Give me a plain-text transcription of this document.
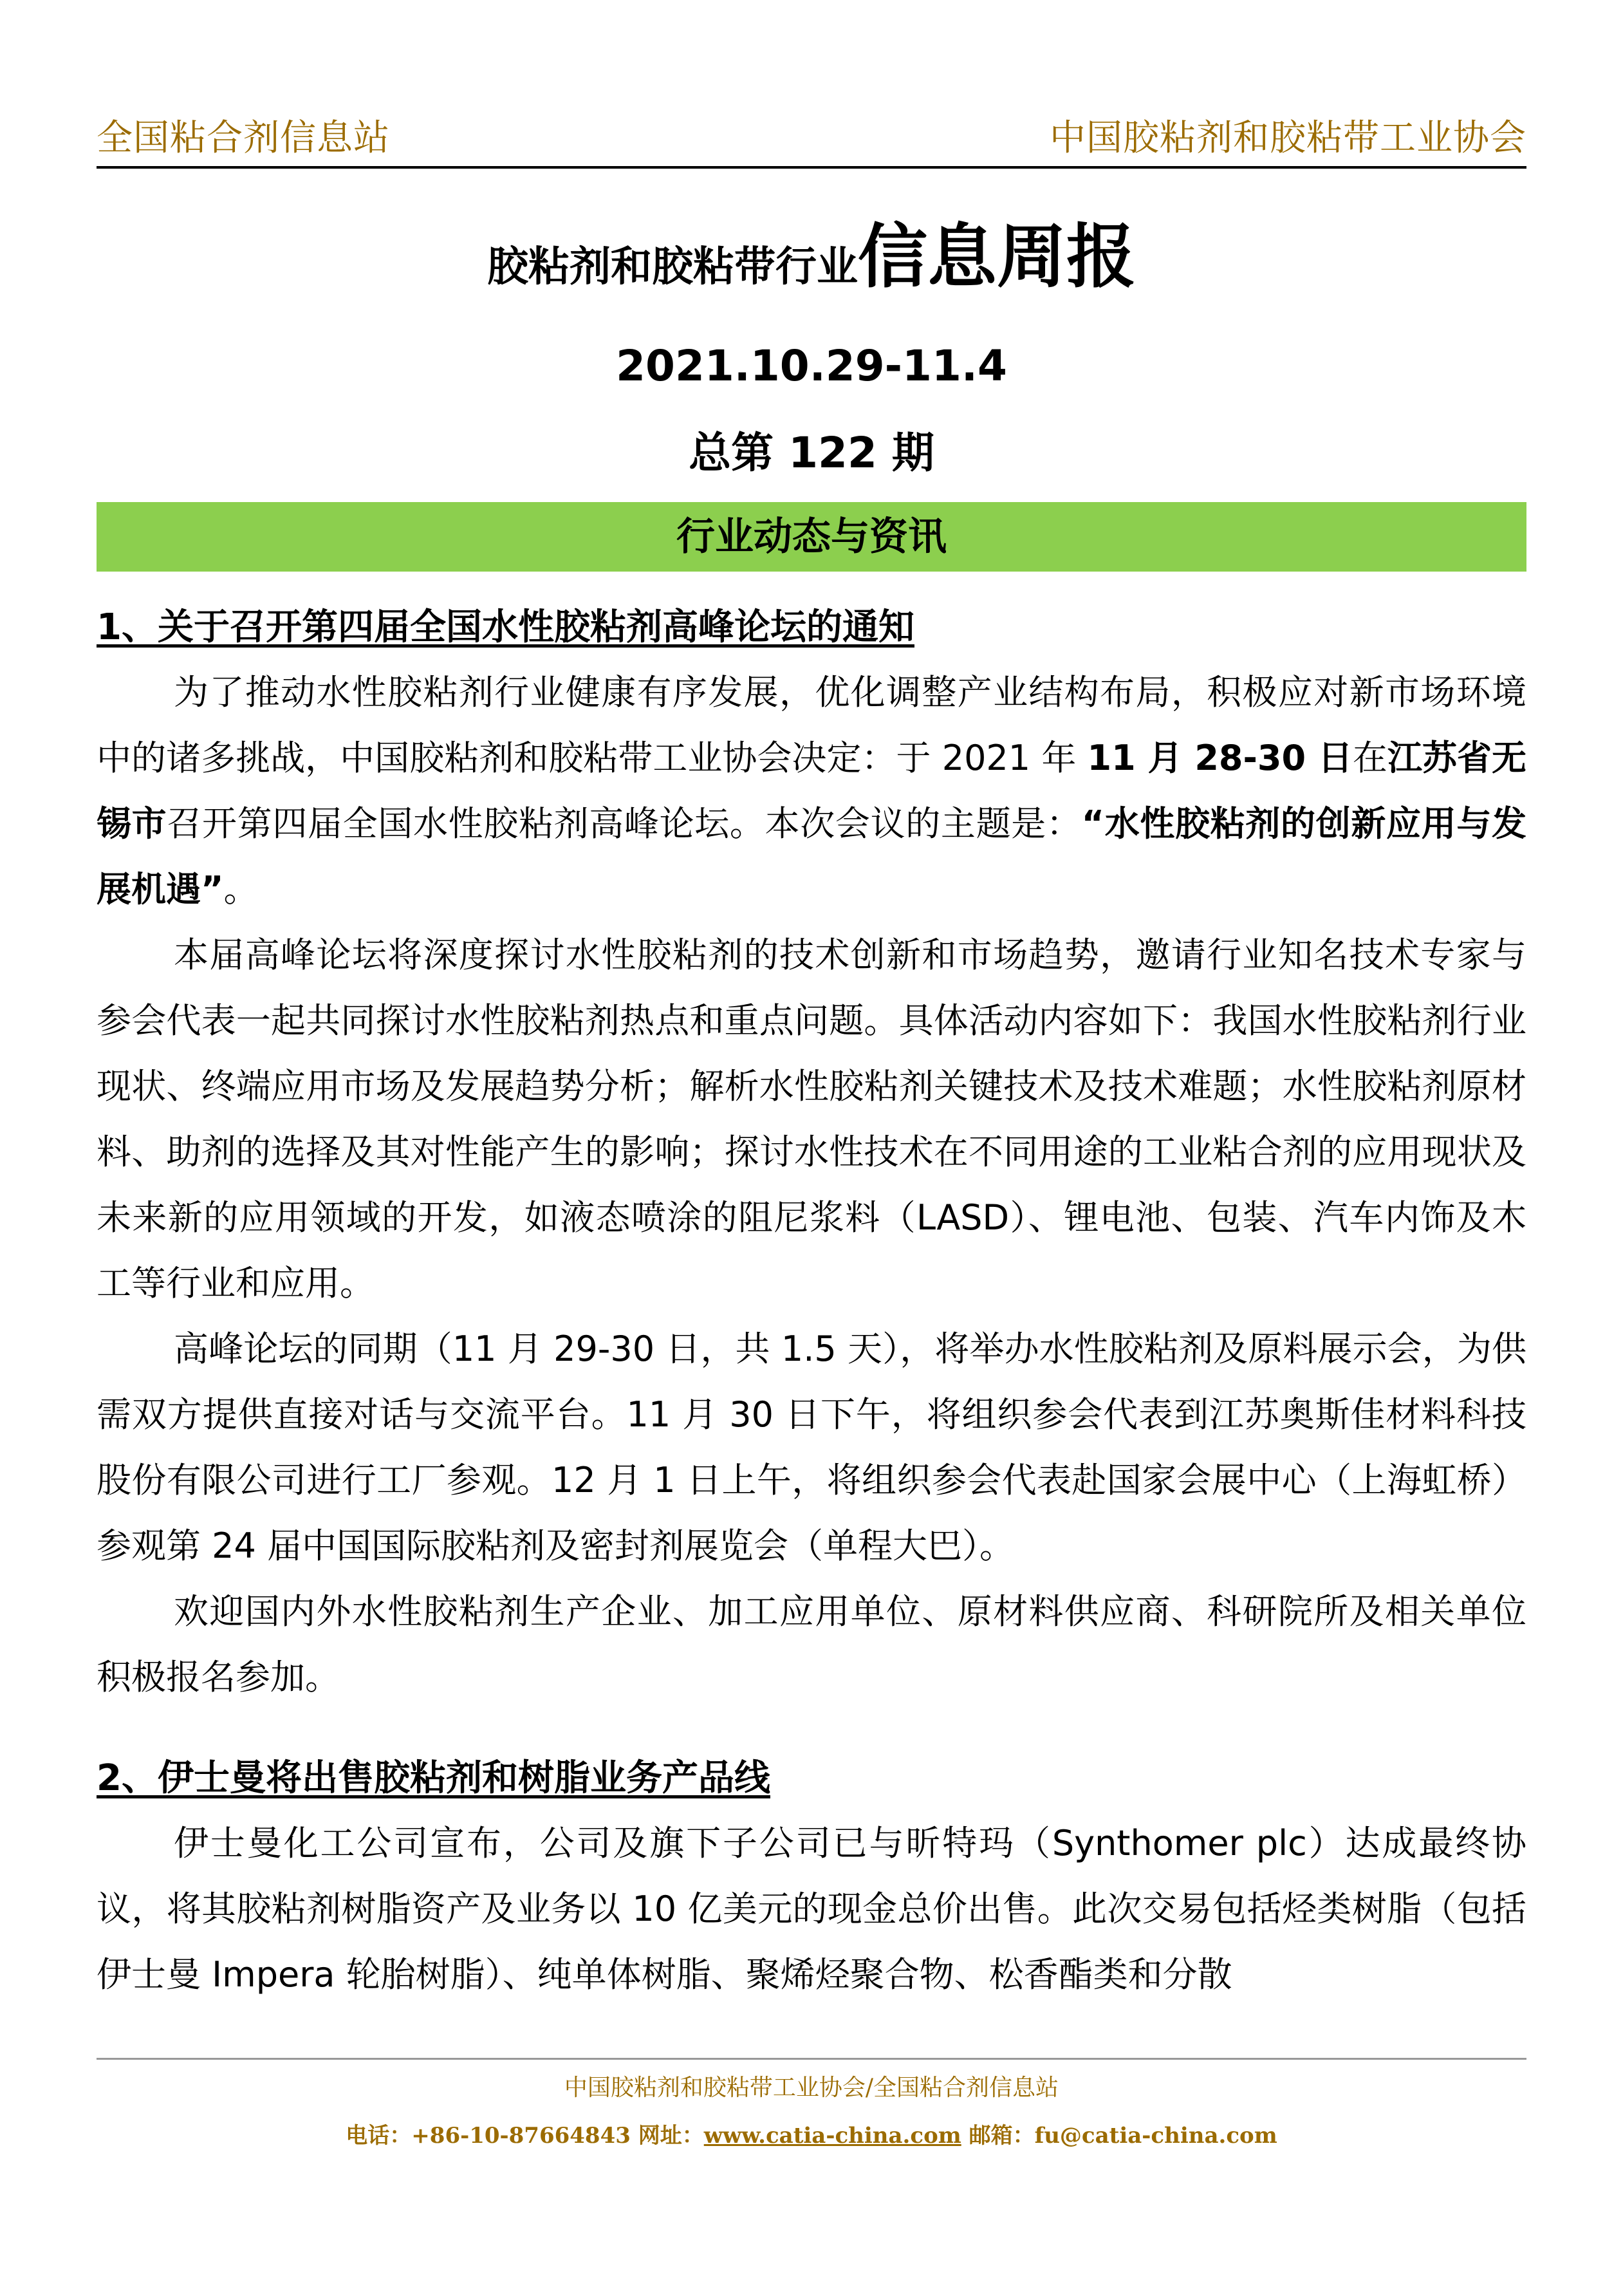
全国粘合剂信息站	中国胶粘剂和胶粘带工业协会
胶粘剂和胶粘带行业信息周报
2021.10.29-11.4
总第 122 期
行业动态与资讯

1、关于召开第四届全国水性胶粘剂高峰论坛的通知

为了推动水性胶粘剂行业健康有序发展，优化调整产业结构布局，积极应对新市场环境中的诸多挑战，中国胶粘剂和胶粘带工业协会决定：于 2021 年 11 月 28-30 日在江苏省无锡市召开第四届全国水性胶粘剂高峰论坛。本次会议的主题是：“水性胶粘剂的创新应用与发展机遇”。

本届高峰论坛将深度探讨水性胶粘剂的技术创新和市场趋势，邀请行业知名技术专家与参会代表一起共同探讨水性胶粘剂热点和重点问题。具体活动内容如下：我国水性胶粘剂行业现状、终端应用市场及发展趋势分析；解析水性胶粘剂关键技术及技术难题；水性胶粘剂原材料、助剂的选择及其对性能产生的影响；探讨水性技术在不同用途的工业粘合剂的应用现状及未来新的应用领域的开发，如液态喷涂的阻尼浆料（LASD）、锂电池、包装、汽车内饰及木工等行业和应用。

高峰论坛的同期（11 月 29-30 日，共 1.5 天），将举办水性胶粘剂及原料展示会，为供需双方提供直接对话与交流平台。11 月 30 日下午，将组织参会代表到江苏奥斯佳材料科技股份有限公司进行工厂参观。12 月 1 日上午，将组织参会代表赴国家会展中心（上海虹桥）参观第 24 届中国国际胶粘剂及密封剂展览会（单程大巴）。

欢迎国内外水性胶粘剂生产企业、加工应用单位、原材料供应商、科研院所及相关单位积极报名参加。

2、伊士曼将出售胶粘剂和树脂业务产品线

伊士曼化工公司宣布，公司及旗下子公司已与昕特玛（Synthomer plc）达成最终协议，将其胶粘剂树脂资产及业务以 10 亿美元的现金总价出售。此次交易包括烃类树脂（包括伊士曼 Impera 轮胎树脂）、纯单体树脂、聚烯烃聚合物、松香酯类和分散

中国胶粘剂和胶粘带工业协会/全国粘合剂信息站
电话：+86-10-87664843 网址：www.catia-china.com 邮箱：fu@catia-china.com
